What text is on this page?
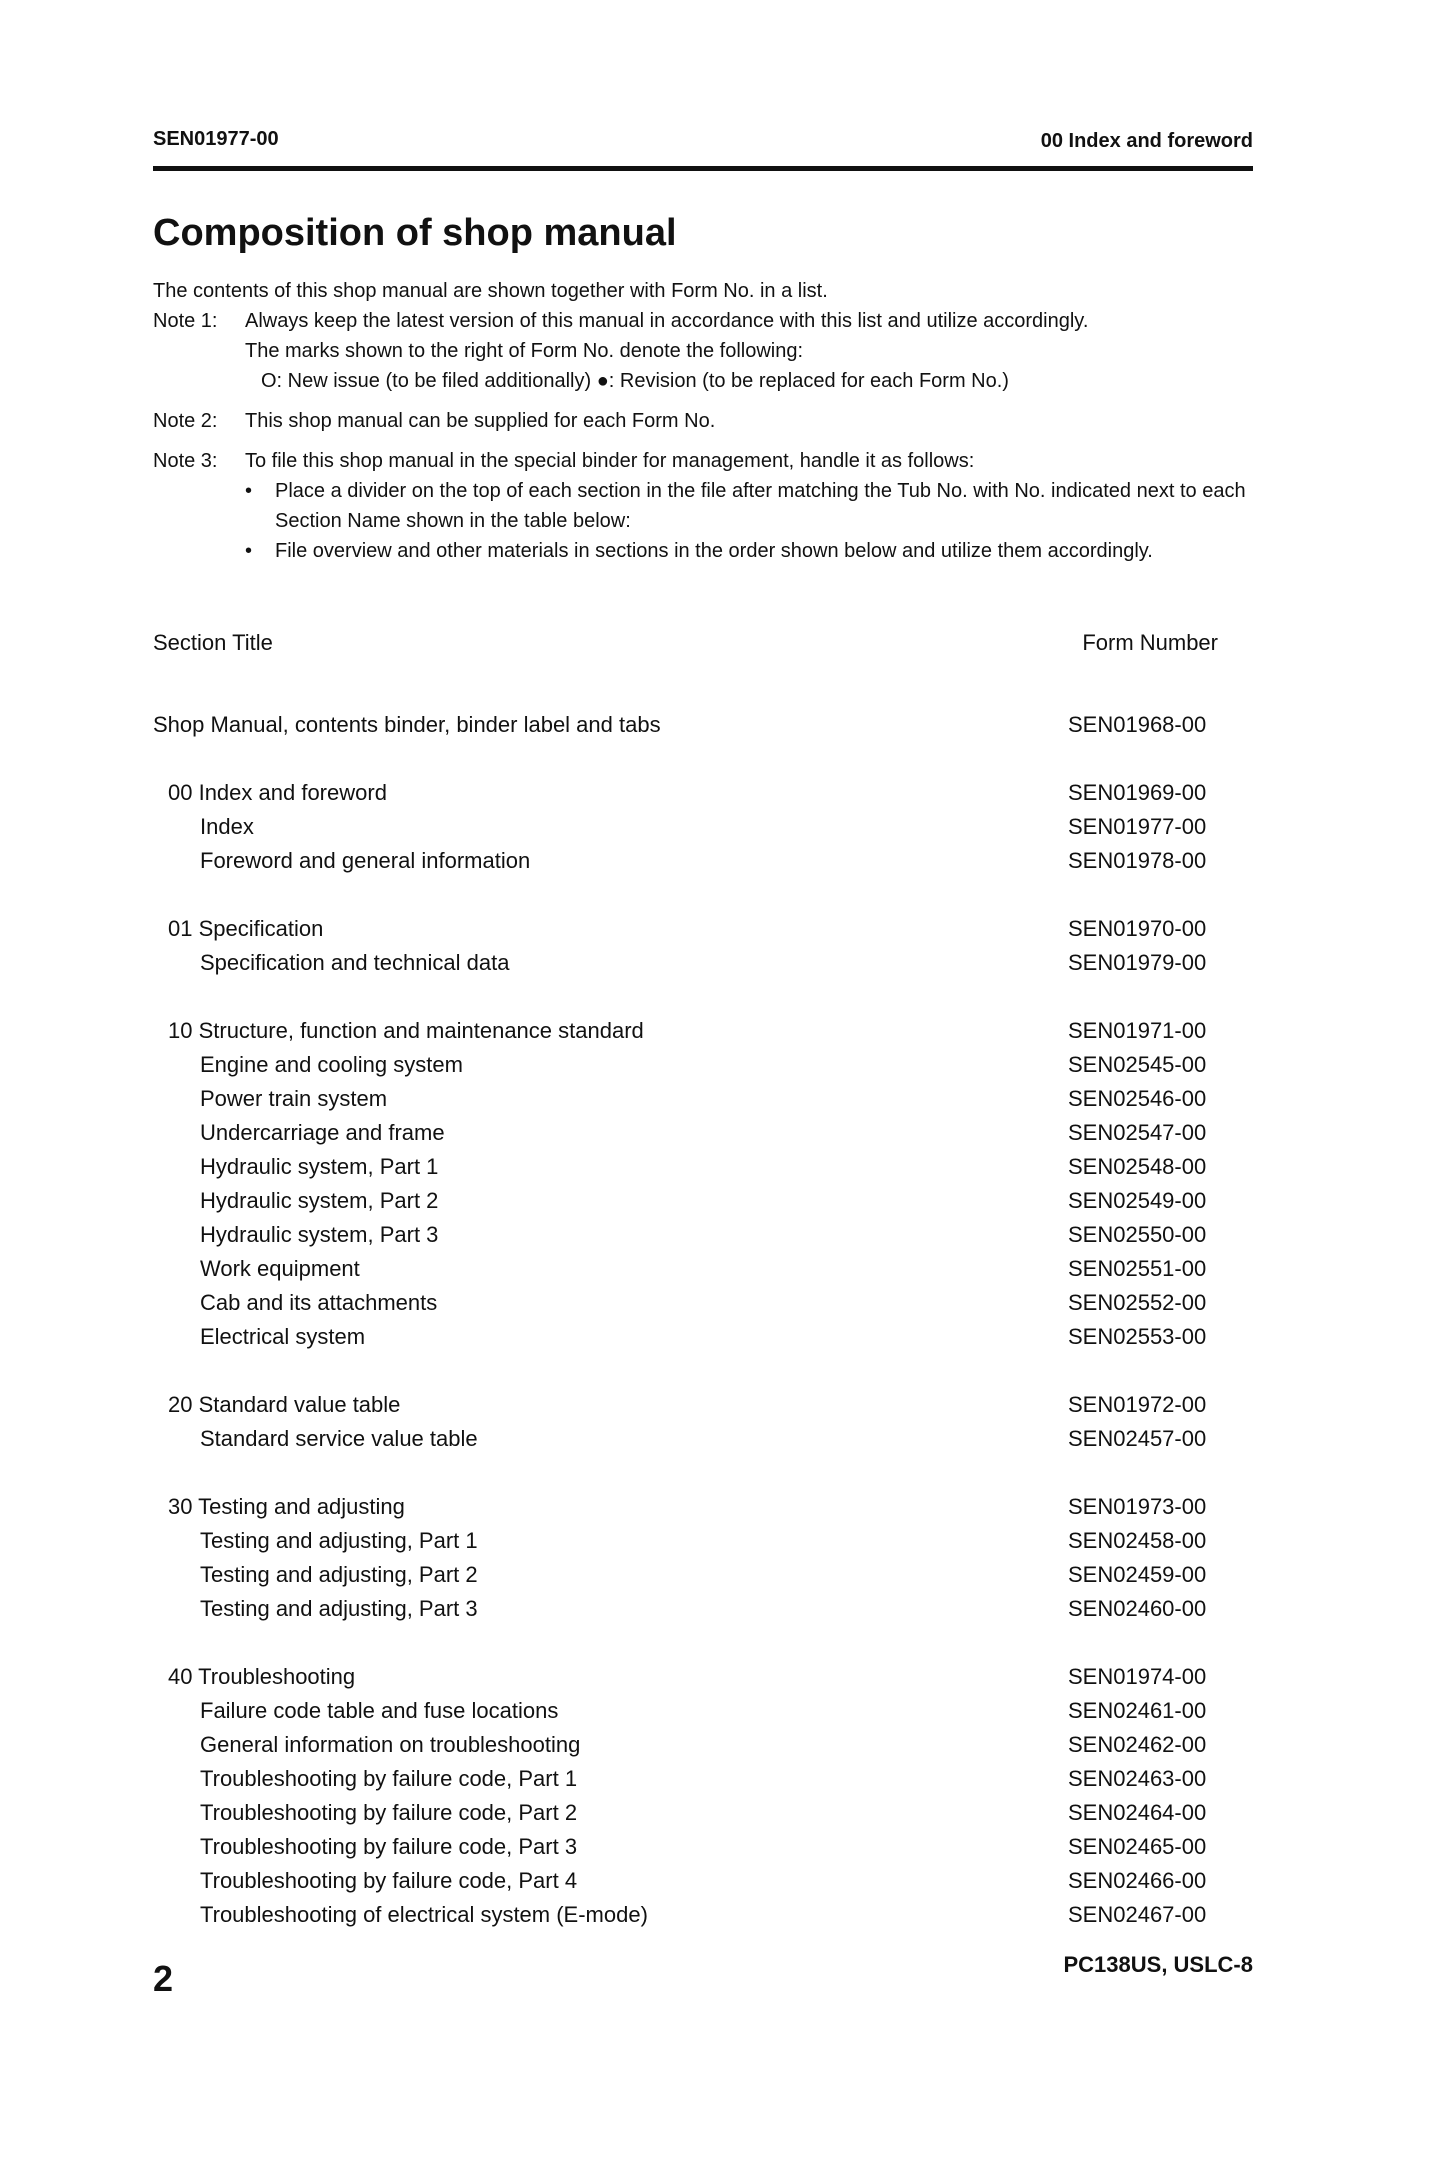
SEN01977-00	00 Index and foreword
Composition of shop manual

The contents of this shop manual are shown together with Form No. in a list.

Note 1: Always keep the latest version of this manual in accordance with this list and utilize accordingly.
The marks shown to the right of Form No. denote the following:
O: New issue (to be filed additionally) ●: Revision (to be replaced for each Form No.)
Note 2: This shop manual can be supplied for each Form No.
Note 3: To file this shop manual in the special binder for management, handle it as follows:
• Place a divider on the top of each section in the file after matching the Tub No. with No. indicated next to each Section Name shown in the table below:
• File overview and other materials in sections in the order shown below and utilize them accordingly.
Section Title	Form Number
Shop Manual, contents binder, binder label and tabs	SEN01968-00
00 Index and foreword	SEN01969-00
Index	SEN01977-00
Foreword and general information	SEN01978-00
01 Specification	SEN01970-00
Specification and technical data	SEN01979-00
10 Structure, function and maintenance standard	SEN01971-00
Engine and cooling system	SEN02545-00
Power train system	SEN02546-00
Undercarriage and frame	SEN02547-00
Hydraulic system, Part 1	SEN02548-00
Hydraulic system, Part 2	SEN02549-00
Hydraulic system, Part 3	SEN02550-00
Work equipment	SEN02551-00
Cab and its attachments	SEN02552-00
Electrical system	SEN02553-00
20 Standard value table	SEN01972-00
Standard service value table	SEN02457-00
30 Testing and adjusting	SEN01973-00
Testing and adjusting, Part 1	SEN02458-00
Testing and adjusting, Part 2	SEN02459-00
Testing and adjusting, Part 3	SEN02460-00
40 Troubleshooting	SEN01974-00
Failure code table and fuse locations	SEN02461-00
General information on troubleshooting	SEN02462-00
Troubleshooting by failure code, Part 1	SEN02463-00
Troubleshooting by failure code, Part 2	SEN02464-00
Troubleshooting by failure code, Part 3	SEN02465-00
Troubleshooting by failure code, Part 4	SEN02466-00
Troubleshooting of electrical system (E-mode)	SEN02467-00
2	PC138US, USLC-8
